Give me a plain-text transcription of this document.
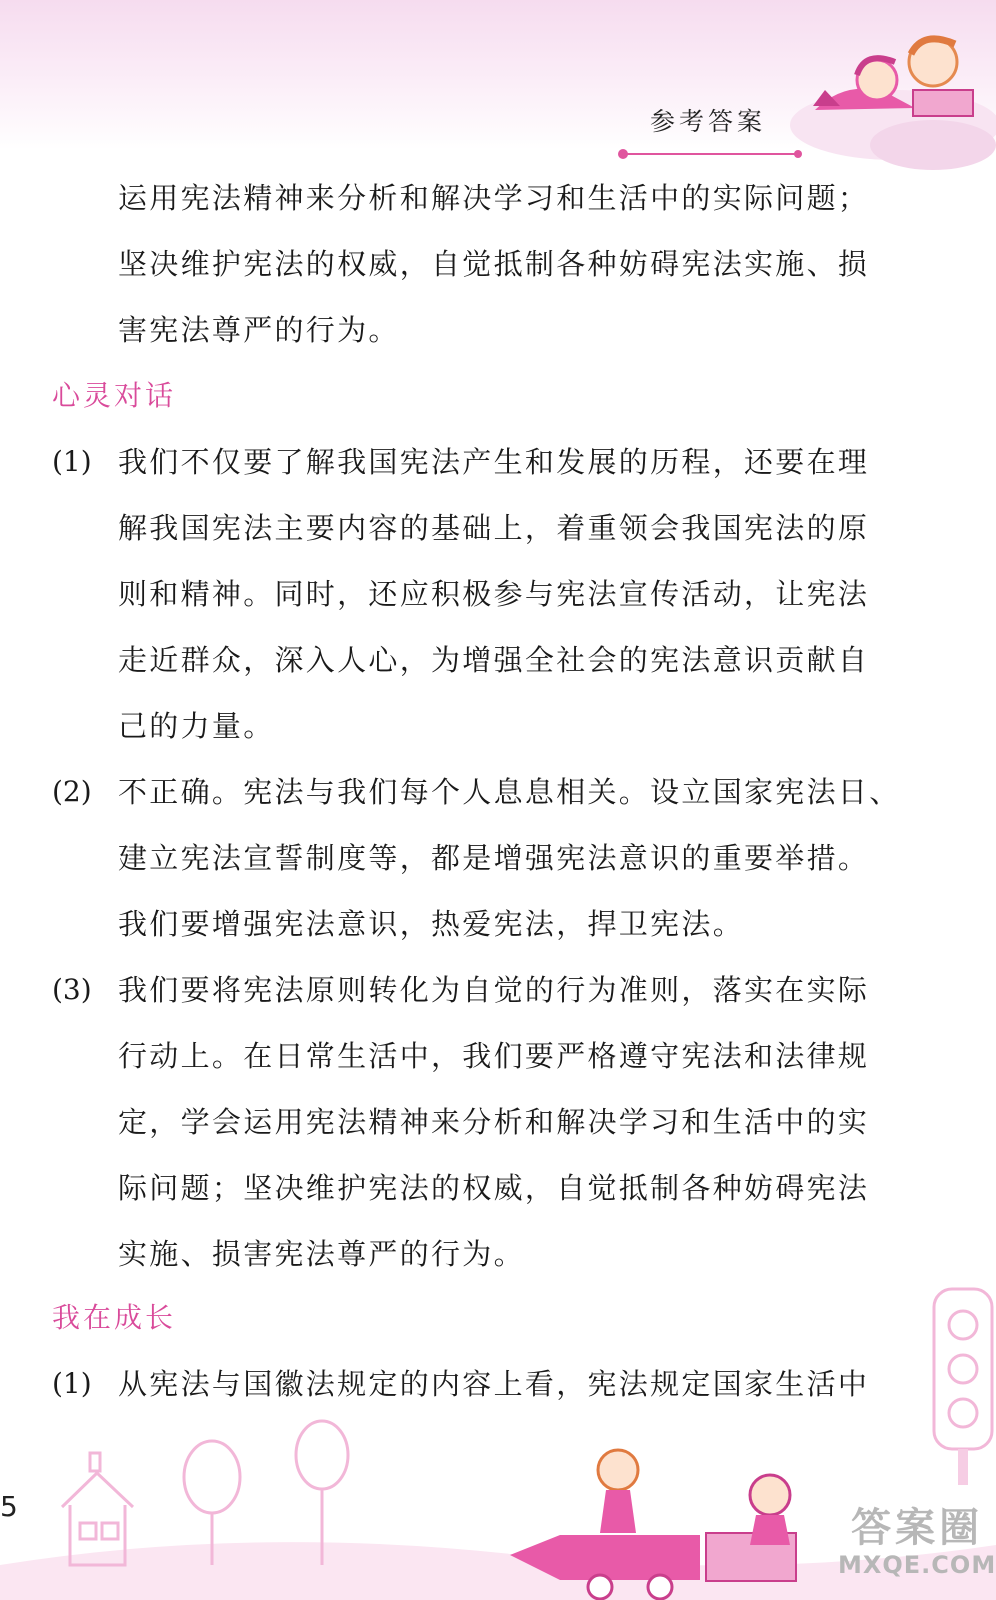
参考答案
运用宪法精神来分析和解决学习和生活中的实际问题；
坚决维护宪法的权威，自觉抵制各种妨碍宪法实施、损
害宪法尊严的行为。
心灵对话
(1) 我们不仅要了解我国宪法产生和发展的历程，还要在理
解我国宪法主要内容的基础上，着重领会我国宪法的原
则和精神。同时，还应积极参与宪法宣传活动，让宪法
走近群众，深入人心，为增强全社会的宪法意识贡献自
己的力量。
(2) 不正确。宪法与我们每个人息息相关。设立国家宪法日、
建立宪法宣誓制度等，都是增强宪法意识的重要举措。
我们要增强宪法意识，热爱宪法，捍卫宪法。
(3) 我们要将宪法原则转化为自觉的行为准则，落实在实际
行动上。在日常生活中，我们要严格遵守宪法和法律规
定，学会运用宪法精神来分析和解决学习和生活中的实
际问题；坚决维护宪法的权威，自觉抵制各种妨碍宪法
实施、损害宪法尊严的行为。
我在成长
(1) 从宪法与国徽法规定的内容上看，宪法规定国家生活中
5	答案圈
MXQE.COM
